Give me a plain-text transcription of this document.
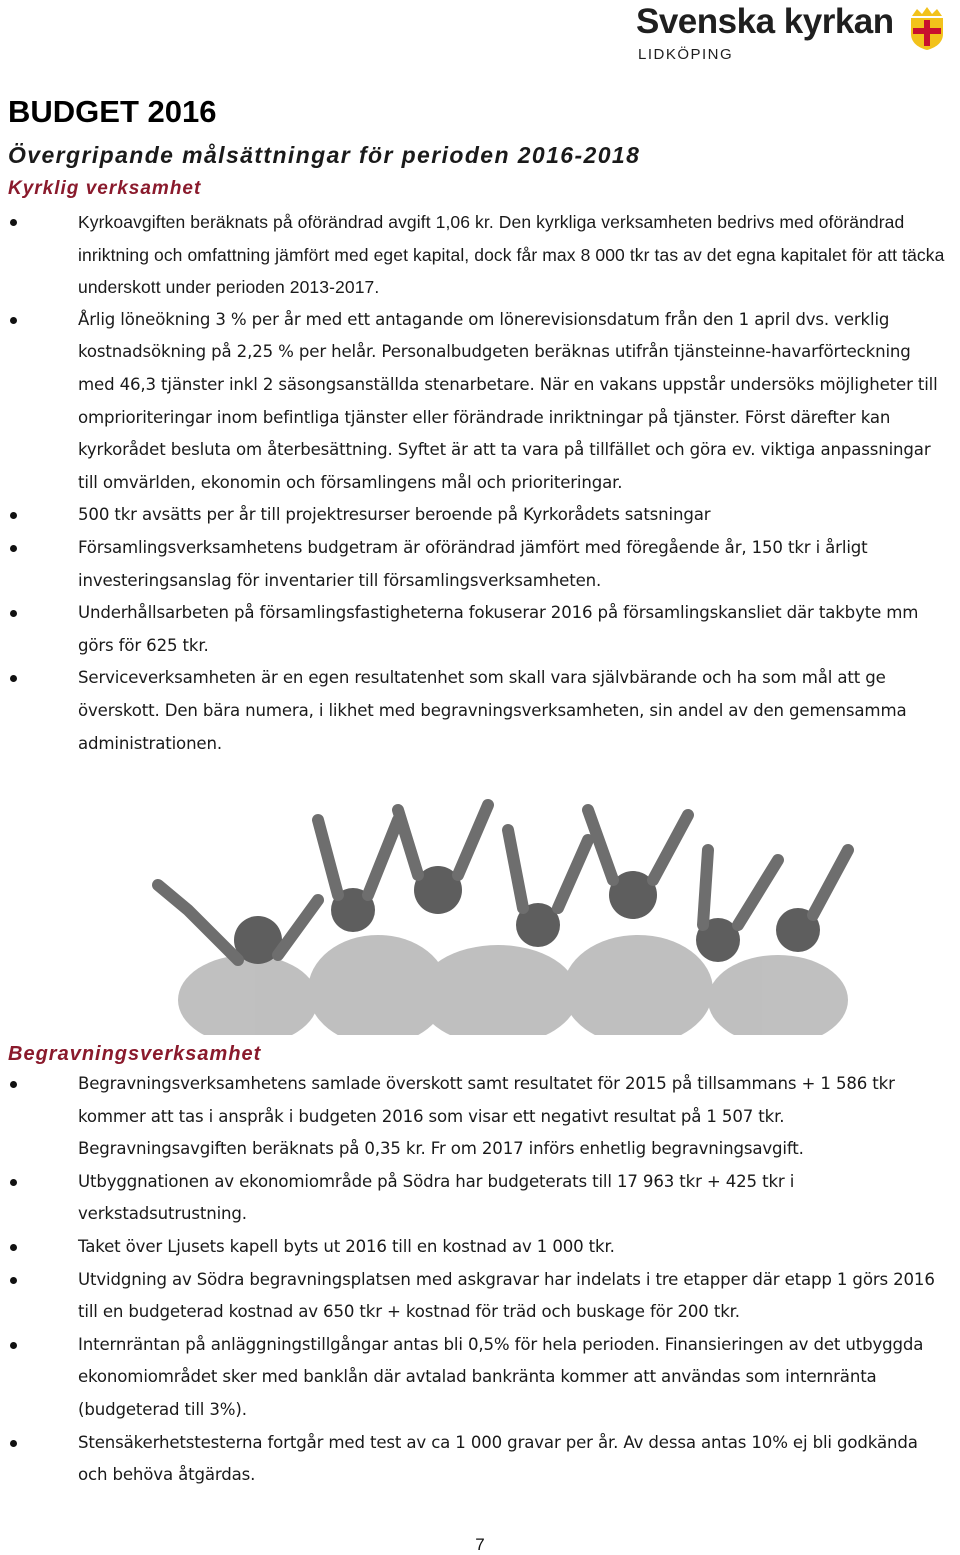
Svenska kyrkan
LIDKÖPING
BUDGET 2016
Övergripande målsättningar för perioden 2016-2018
Kyrklig verksamhet
Kyrkoavgiften beräknats på oförändrad avgift 1,06 kr. Den kyrkliga verksamheten bedrivs med oförändrad inriktning och omfattning jämfört med eget kapital, dock får max 8 000 tkr tas av det egna kapitalet för att täcka underskott under perioden 2013-2017.
Årlig löneökning 3 % per år med ett antagande om lönerevisionsdatum från den 1 april dvs. verklig kostnadsökning på 2,25 % per helår. Personalbudgeten beräknas utifrån tjänsteinne-havarförteckning med 46,3 tjänster inkl 2 säsongsanställda stenarbetare. När en vakans uppstår undersöks möjligheter till omprioriteringar inom befintliga tjänster eller förändrade inriktningar på tjänster. Först därefter kan kyrkorådet besluta om återbesättning. Syftet är att ta vara på tillfället och göra ev. viktiga anpassningar till omvärlden, ekonomin och församlingens mål och prioriteringar.
500 tkr avsätts per år till projektresurser beroende på Kyrkorådets satsningar
Församlingsverksamhetens budgetram är oförändrad jämfört med föregående år, 150 tkr i årligt investeringsanslag för inventarier till församlingsverksamheten.
Underhållsarbeten på församlingsfastigheterna fokuserar 2016 på församlingskansliet där takbyte mm görs för 625 tkr.
Serviceverksamheten är en egen resultatenhet som skall vara självbärande och ha som mål att ge överskott. Den bära numera, i likhet med begravningsverksamheten, sin andel av den gemensamma administrationen.
Begravningsverksamhet
Begravningsverksamhetens samlade överskott samt resultatet för 2015 på tillsammans + 1 586 tkr kommer att tas i anspråk i budgeten 2016 som visar ett negativt resultat på 1 507 tkr. Begravningsavgiften beräknats på 0,35 kr. Fr om 2017 införs enhetlig begravningsavgift.
Utbyggnationen av ekonomiområde på Södra har budgeterats till 17 963 tkr + 425 tkr i verkstadsutrustning.
Taket över Ljusets kapell byts ut 2016 till en kostnad av 1 000 tkr.
Utvidgning av Södra begravningsplatsen med askgravar har indelats i tre etapper där etapp 1 görs 2016 till en budgeterad kostnad av 650 tkr + kostnad för träd och buskage för 200 tkr.
Internräntan på anläggningstillgångar antas bli 0,5% för hela perioden. Finansieringen av det utbyggda ekonomiområdet sker med banklån där avtalad bankränta kommer att användas som internränta (budgeterad till 3%).
Stensäkerhetstesterna fortgår med test av ca 1 000 gravar per år. Av dessa antas 10% ej bli godkända och behöva åtgärdas.

7
